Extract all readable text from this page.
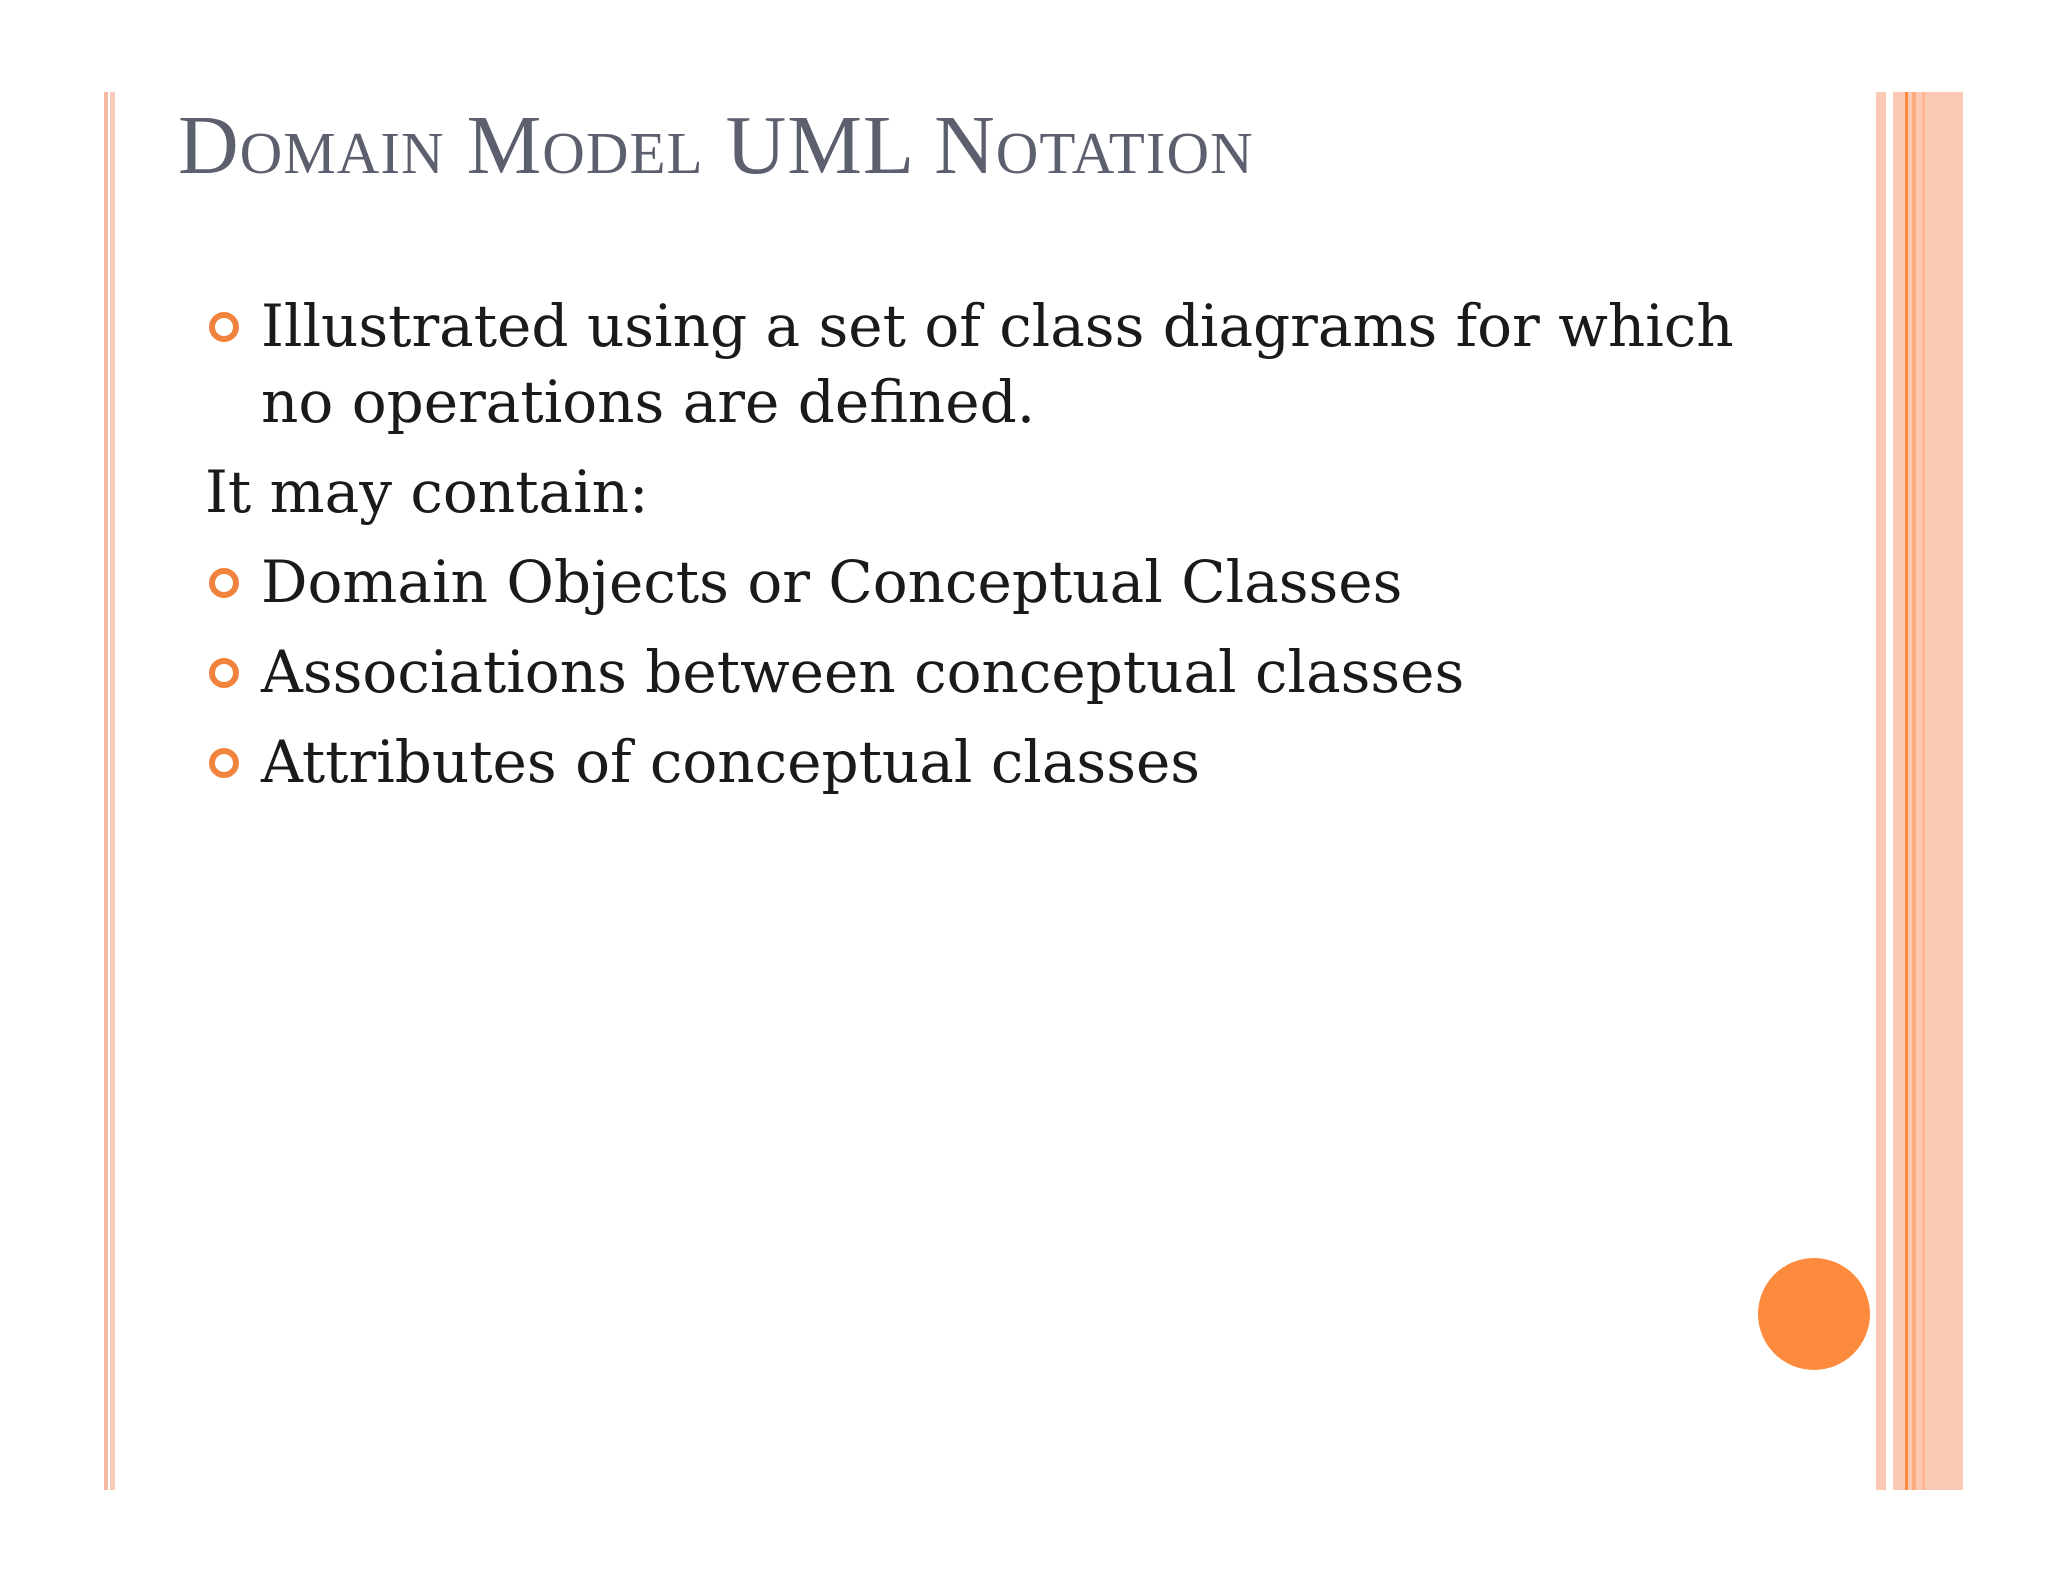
Domain Model UML Notation
Illustrated using a set of class diagrams for which no operations are defined.
It may contain:
Domain Objects or Conceptual Classes
Associations between conceptual classes
Attributes of conceptual classes
